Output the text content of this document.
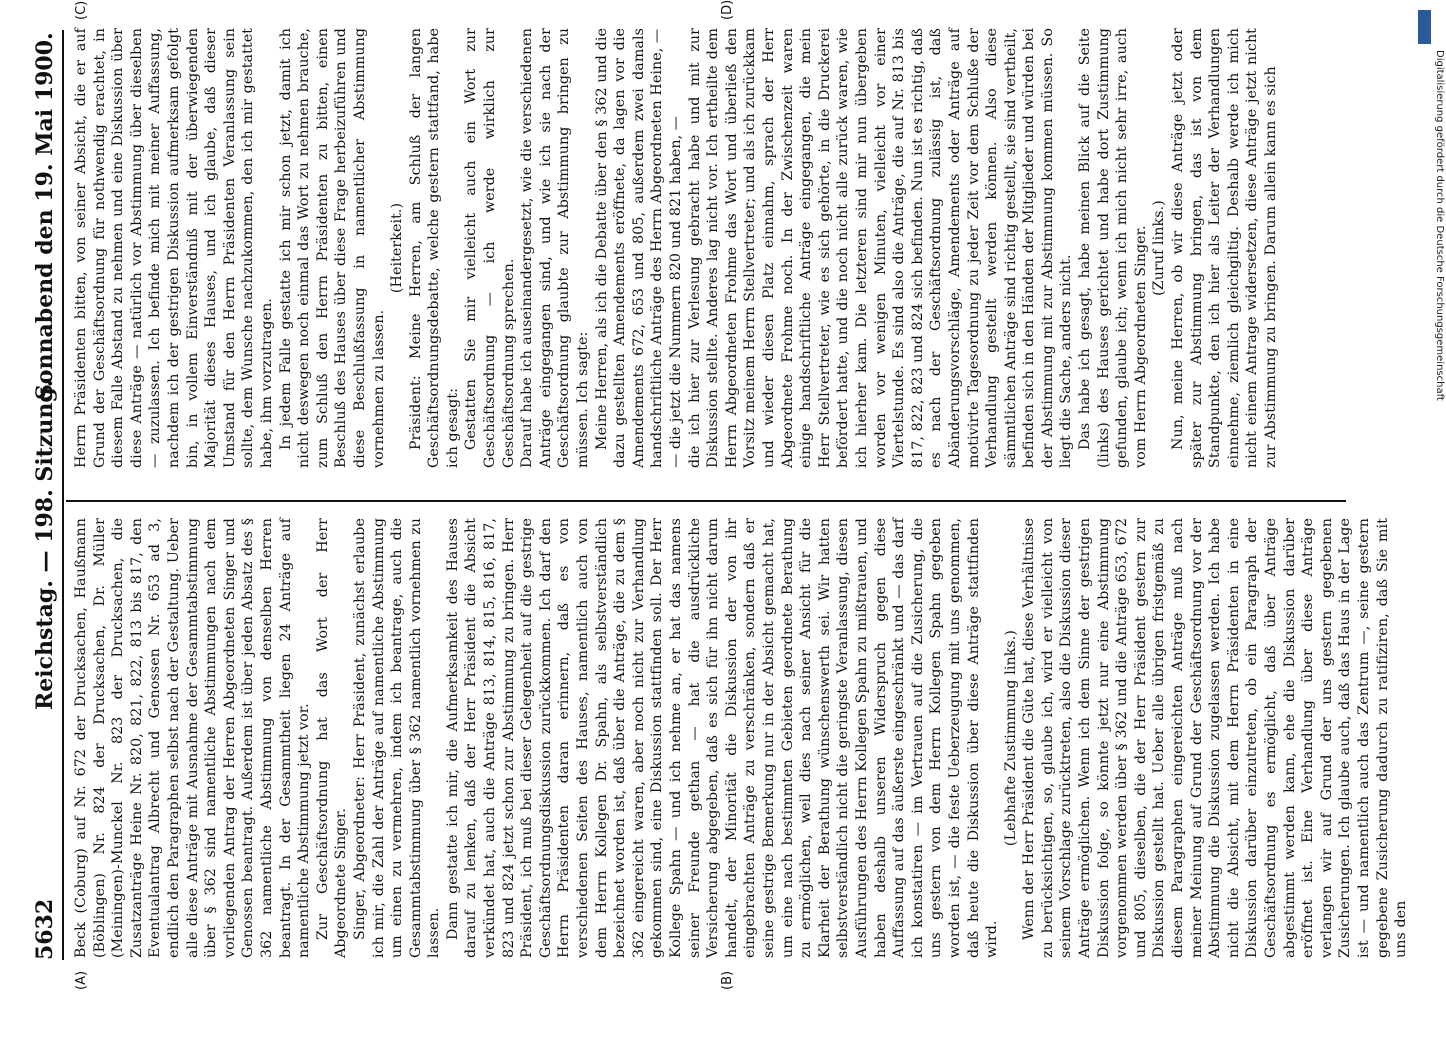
5632
Reichstag. — 198. Sitzung.
Sonnabend den 19. Mai 1900.
(A)	(B)
(C)	(D)

Beck (Coburg) auf Nr. 672 der Drucksachen, Haußmann (Böblingen) Nr. 824 der Drucksachen, Dr. Müller (Meiningen)-Munckel Nr. 823 der Drucksachen, die Zusatzanträge Heine Nr. 820, 821, 822, 813 bis 817, den Eventualantrag Albrecht und Genossen Nr. 653 ad 3, endlich den Paragraphen selbst nach der Gestaltung. Ueber alle diese Anträge mit Ausnahme der Gesammtabstimmung über § 362 sind namentliche Abstimmungen nach dem vorliegenden Antrag der Herren Abgeordneten Singer und Genossen beantragt. Außerdem ist über jeden Absatz des § 362 namentliche Abstimmung von denselben Herren beantragt. In der Gesammtheit liegen 24 Anträge auf namentliche Abstimmung jetzt vor. Zur Geschäftsordnung hat das Wort der Herr Abgeordnete Singer. Singer, Abgeordneter: Herr Präsident, zunächst erlaube ich mir, die Zahl der Anträge auf namentliche Abstimmung um einen zu vermehren, indem ich beantrage, auch die Gesammtabstimmung über § 362 namentlich vornehmen zu lassen. Dann gestatte ich mir, die Aufmerksamkeit des Hauses darauf zu lenken, daß der Herr Präsident die Absicht verkündet hat, auch die Anträge 813, 814, 815, 816, 817, 823 und 824 jetzt schon zur Abstimmung zu bringen. Herr Präsident, ich muß bei dieser Gelegenheit auf die gestrige Geschäftsordnungsdiskussion zurückkommen. Ich darf den Herrn Präsidenten daran erinnern, daß es von verschiedenen Seiten des Hauses, namentlich auch von dem Herrn Kollegen Dr. Spahn, als selbstverständlich bezeichnet worden ist, daß über die Anträge, die zu dem § 362 eingereicht waren, aber noch nicht zur Verhandlung gekommen sind, eine Diskussion stattfinden soll. Der Herr Kollege Spahn — und ich nehme an, er hat das namens seiner Freunde gethan — hat die ausdrückliche Versicherung abgegeben, daß es sich für ihn nicht darum handelt, der Minorität die Diskussion der von ihr eingebrachten Anträge zu verschränken, sondern daß er seine gestrige Bemerkung nur in der Absicht gemacht hat, um eine nach bestimmten Gebieten geordnete Berathung zu ermöglichen, weil dies nach seiner Ansicht für die Klarheit der Berathung wünschenswerth sei. Wir hatten selbstverständlich nicht die geringste Veranlassung, diesen Ausführungen des Herrn Kollegen Spahn zu mißtrauen, und haben deshalb unseren Widerspruch gegen diese Auffassung auf das äußerste eingeschränkt und — das darf ich konstatiren — im Vertrauen auf die Zusicherung, die uns gestern von dem Herrn Kollegen Spahn gegeben worden ist, — die feste Ueberzeugung mit uns genommen, daß heute die Diskussion über diese Anträge stattfinden wird.

(Lebhafte Zustimmung links.) Wenn der Herr Präsident die Güte hat, diese Verhältnisse zu berücksichtigen, so, glaube ich, wird er vielleicht von seinem Vorschlage zurücktreten, also die Diskussion dieser Anträge ermöglichen. Wenn ich dem Sinne der gestrigen Diskussion folge, so könnte jetzt nur eine Abstimmung vorgenommen werden über § 362 und die Anträge 653, 672 und 805, dieselben, die der Herr Präsident gestern zur Diskussion gestellt hat. Ueber alle übrigen fristgemäß zu diesem Paragraphen eingereichten Anträge muß nach meiner Meinung auf Grund der Geschäftsordnung vor der Abstimmung die Diskussion zugelassen werden. Ich habe nicht die Absicht, mit dem Herrn Präsidenten in eine Diskussion darüber einzutreten, ob ein Paragraph der Geschäftsordnung es ermöglicht, daß über Anträge abgestimmt werden kann, ehe die Diskussion darüber eröffnet ist. Eine Verhandlung über diese Anträge verlangen wir auf Grund der uns gestern gegebenen Zusicherungen. Ich glaube auch, daß das Haus in der Lage ist — und namentlich auch das Zentrum —, seine gestern gegebene Zusicherung dadurch zu ratifiziren, daß Sie mit uns den

Herrn Präsidenten bitten, von seiner Absicht, die er auf Grund der Geschäftsordnung für nothwendig erachtet, in diesem Falle Abstand zu nehmen und eine Diskussion über diese Anträge — natürlich vor Abstimmung über dieselben — zuzulassen. Ich befinde mich mit meiner Auffassung, nachdem ich der gestrigen Diskussion aufmerksam gefolgt bin, in vollem Einverständniß mit der überwiegenden Majorität dieses Hauses, und ich glaube, daß dieser Umstand für den Herrn Präsidenten Veranlassung sein sollte, dem Wunsche nachzukommen, den ich mir gestattet habe, ihm vorzutragen. In jedem Falle gestatte ich mir schon jetzt, damit ich nicht deswegen noch einmal das Wort zu nehmen brauche, zum Schluß den Herrn Präsidenten zu bitten, einen Beschluß des Hauses über diese Frage herbeizuführen und diese Beschlußfassung in namentlicher Abstimmung vornehmen zu lassen.

(Heiterkeit.) Präsident: Meine Herren, am Schluß der langen Geschäftsordnungsdebatte, welche gestern stattfand, habe ich gesagt: Gestatten Sie mir vielleicht auch ein Wort zur Geschäftsordnung — ich werde wirklich zur Geschäftsordnung sprechen. Darauf habe ich auseinandergesetzt, wie die verschiedenen Anträge eingegangen sind, und wie ich sie nach der Geschäftsordnung glaubte zur Abstimmung bringen zu müssen. Ich sagte: Meine Herren, als ich die Debatte über den § 362 und die dazu gestellten Amendements eröffnete, da lagen vor die Amendements 672, 653 und 805, außerdem zwei damals handschriftliche Anträge des Herrn Abgeordneten Heine, — — die jetzt die Nummern 820 und 821 haben, — die ich hier zur Verlesung gebracht habe und mit zur Diskussion stellte. Anderes lag nicht vor. Ich ertheilte dem Herrn Abgeordneten Frohme das Wort und überließ den Vorsitz meinem Herrn Stellvertreter; und als ich zurückkam und wieder diesen Platz einnahm, sprach der Herr Abgeordnete Frohme noch. In der Zwischenzeit waren einige handschriftliche Anträge eingegangen, die mein Herr Stellvertreter, wie es sich gehörte, in die Druckerei befördert hatte, und die noch nicht alle zurück waren, wie ich hierher kam. Die letzteren sind mir nun übergeben worden vor wenigen Minuten, vielleicht vor einer Viertelstunde. Es sind also die Anträge, die auf Nr. 813 bis 817, 822, 823 und 824 sich befinden. Nun ist es richtig, daß es nach der Geschäftsordnung zulässig ist, daß Abänderungsvorschläge, Amendements oder Anträge auf motivirte Tagesordnung zu jeder Zeit vor dem Schluße der Verhandlung gestellt werden können. Also diese sämmtlichen Anträge sind richtig gestellt, sie sind vertheilt, befinden sich in den Händen der Mitglieder und würden bei der Abstimmung mit zur Abstimmung kommen müssen. So liegt die Sache, anders nicht. Das habe ich gesagt, habe meinen Blick auf die Seite (links) des Hauses gerichtet und habe dort Zustimmung gefunden, glaube ich; wenn ich mich nicht sehr irre, auch vom Herrn Abgeordneten Singer. (Zuruf links.) Nun, meine Herren, ob wir diese Anträge jetzt oder später zur Abstimmung bringen, das ist von dem Standpunkte, den ich hier als Leiter der Verhandlungen einnehme, ziemlich gleichgiltig. Deshalb werde ich mich nicht einem Antrage widersetzen, diese Anträge jetzt nicht zur Abstimmung zu bringen. Darum allein kann es sich	Digitalisierung gefördert durch die Deutsche Forschungsgemeinschaft
